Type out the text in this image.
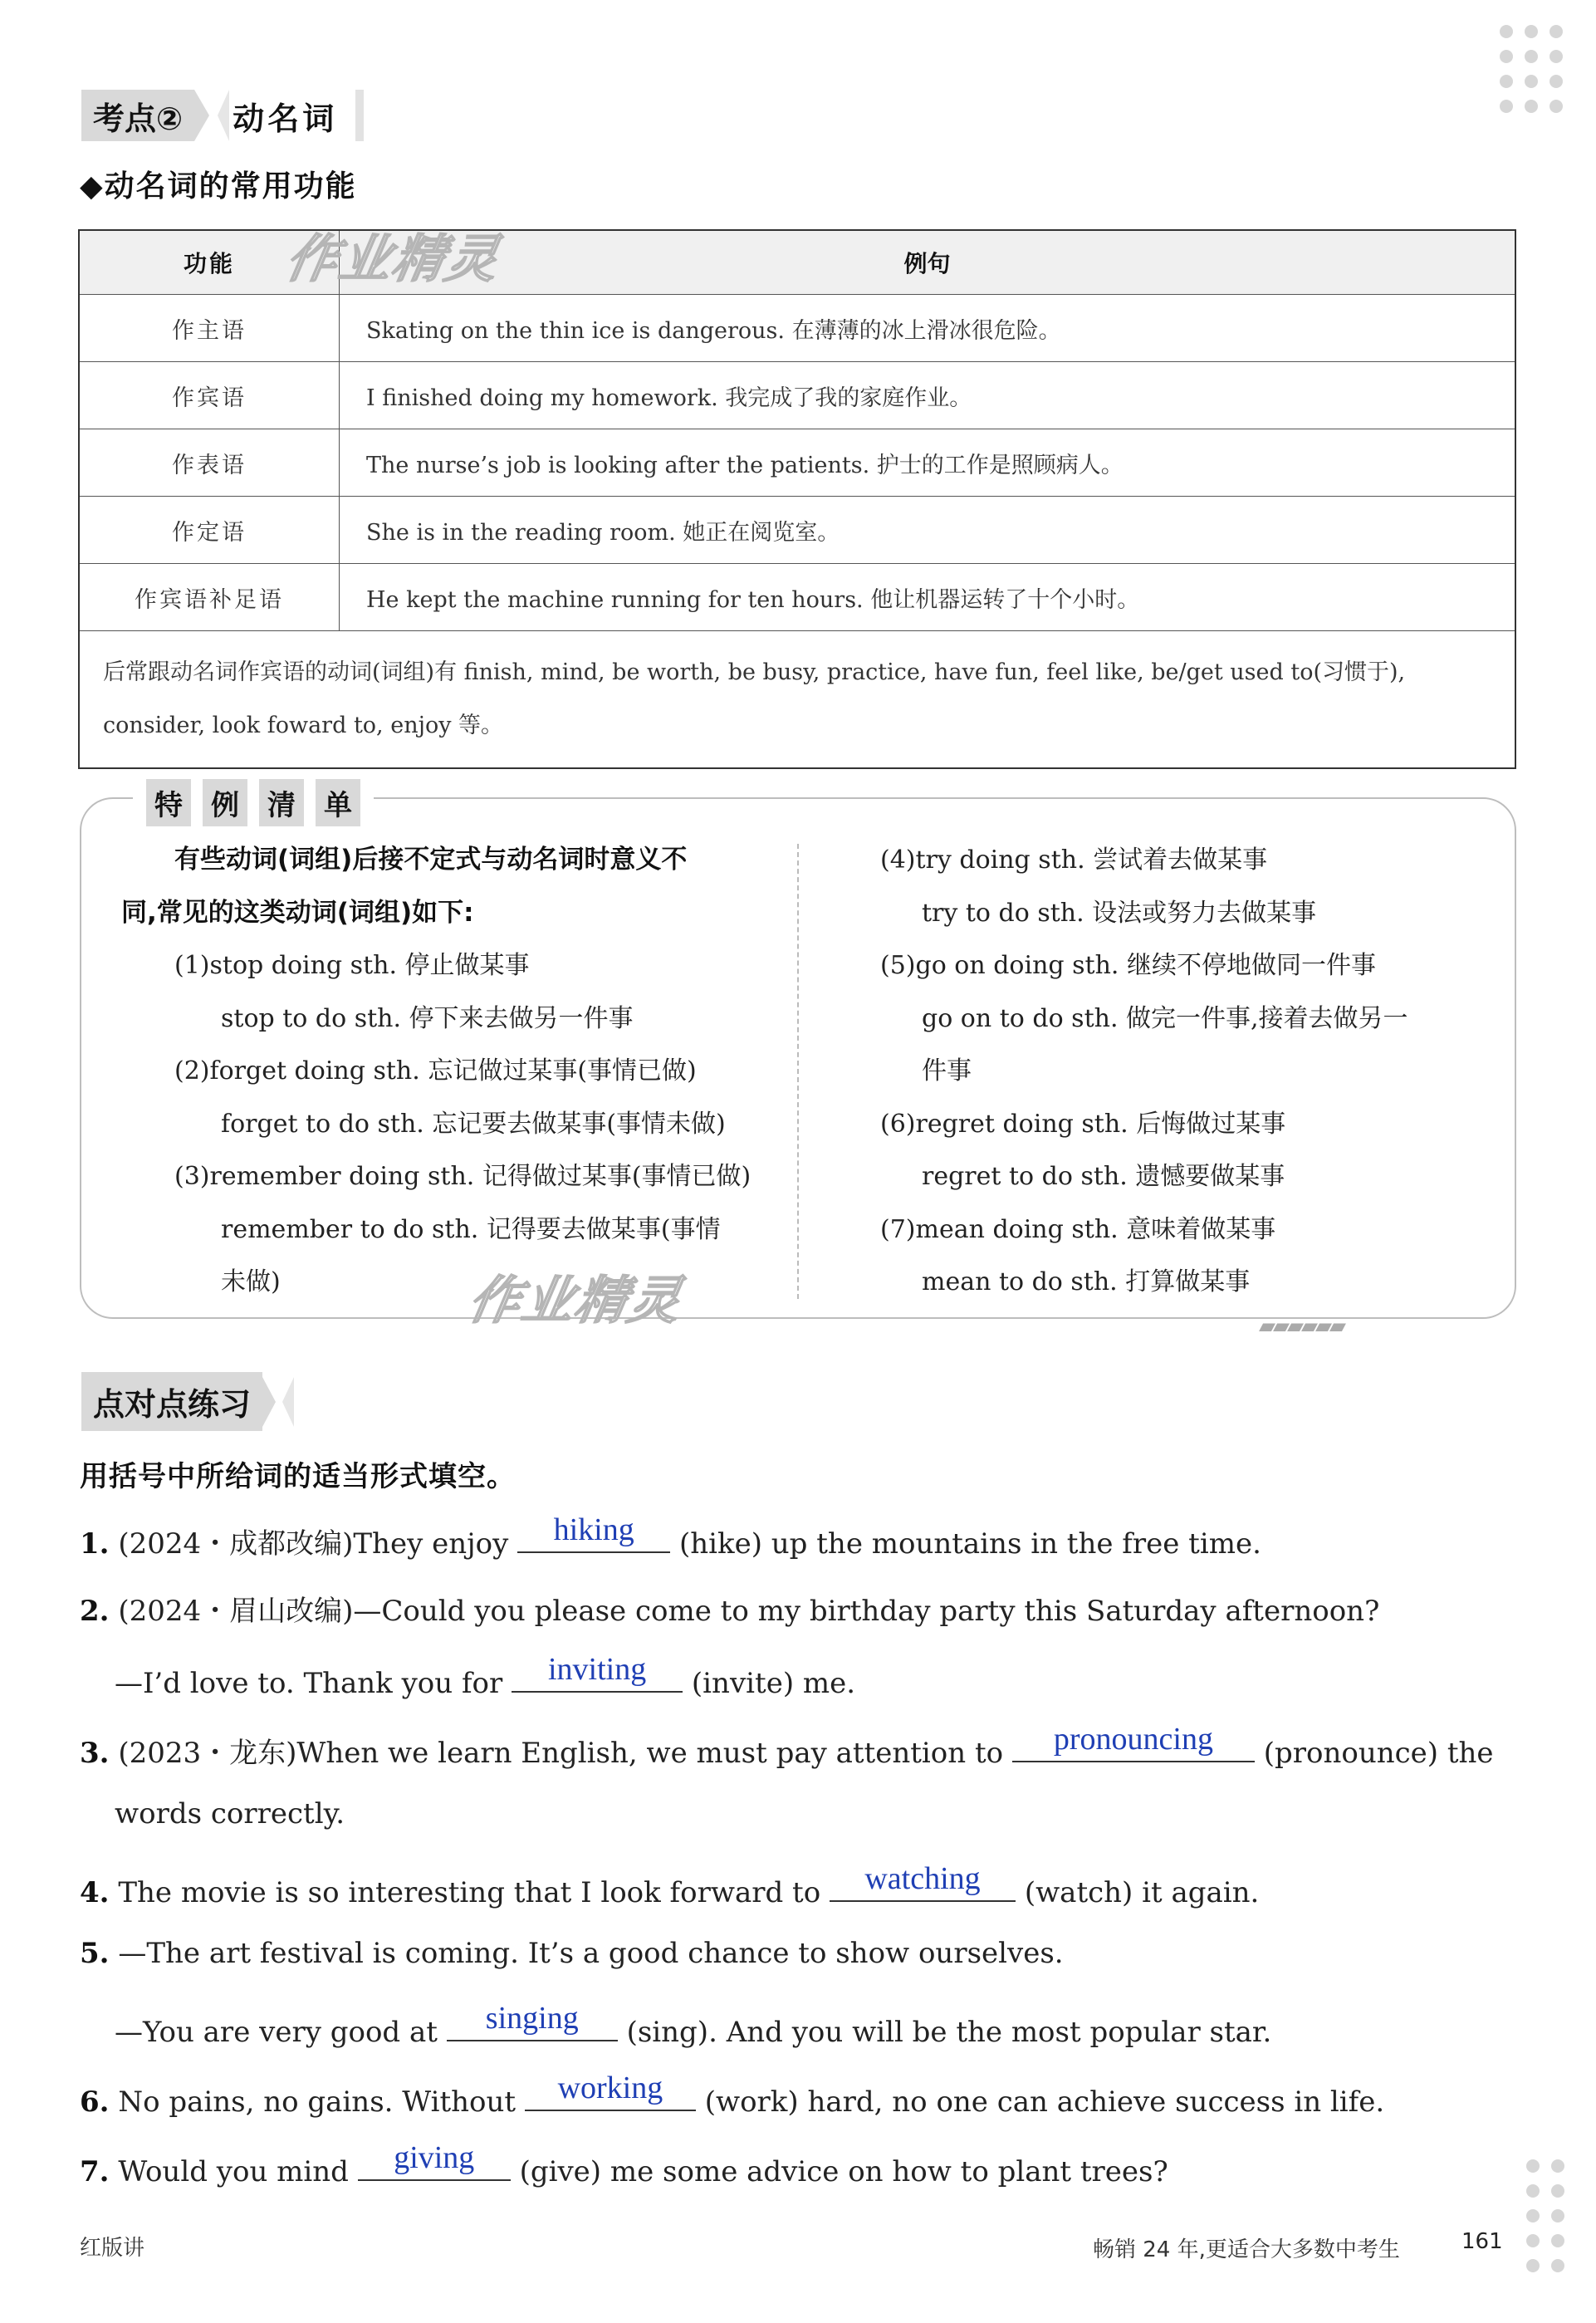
考点②	动名词
◆动名词的常用功能
功能	例句
作主语	Skating on the thin ice is dangerous. 在薄薄的冰上滑冰很危险。
作宾语	I finished doing my homework. 我完成了我的家庭作业。
作表语	The nurse’s job is looking after the patients. 护士的工作是照顾病人。
作定语	She is in the reading room. 她正在阅览室。
作宾语补足语	He kept the machine running for ten hours. 他让机器运转了十个小时。

后常跟动名词作宾语的动词(词组)有 finish, mind, be worth, be busy, practice, have fun, feel like, be/get used to(习惯于),
consider, look foward to, enjoy 等。	
作业精灵
特 例 清 单
有些动词(词组)后接不定式与动名词时意义不
同,常见的这类动词(词组)如下:
(1)stop doing sth. 停止做某事
stop to do sth. 停下来去做另一件事
(2)forget doing sth. 忘记做过某事(事情已做)
forget to do sth. 忘记要去做某事(事情未做)
(3)remember doing sth. 记得做过某事(事情已做)
remember to do sth. 记得要去做某事(事情
未做)
(4)try doing sth. 尝试着去做某事
try to do sth. 设法或努力去做某事
(5)go on doing sth. 继续不停地做同一件事
go on to do sth. 做完一件事,接着去做另一
件事
(6)regret doing sth. 后悔做过某事
regret to do sth. 遗憾要做某事
(7)mean doing sth. 意味着做某事
mean to do sth. 打算做某事
▰▰▰▰▰▰
作业精灵
点对点练习
用括号中所给词的适当形式填空。
1. (2024・成都改编)They enjoy	hiking	(hike) up the mountains in the free time.
2. (2024・眉山改编)—Could you please come to my birthday party this Saturday afternoon?
—I’d love to. Thank you for	inviting	(invite) me.
3. (2023・龙东)When we learn English, we must pay attention to	pronouncing	(pronounce) the
words correctly.
4. The movie is so interesting that I look forward to	watching	(watch) it again.
5. —The art festival is coming. It’s a good chance to show ourselves.
—You are very good at	singing	(sing). And you will be the most popular star.
6. No pains, no gains. Without	working	(work) hard, no one can achieve success in life.
7. Would you mind	giving	(give) me some advice on how to plant trees?
红版讲	畅销 24 年,更适合大多数中考生	161
